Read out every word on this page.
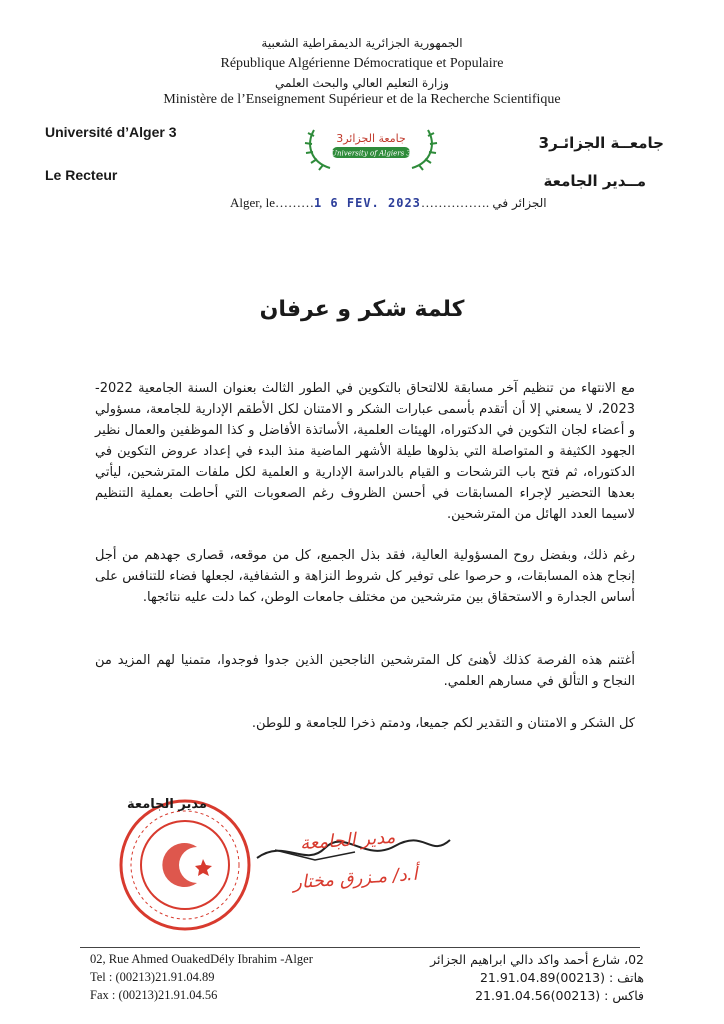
الجمهورية الجزائرية الديمقراطية الشعبية
République Algérienne Démocratique et Populaire
وزارة التعليم العالي والبحث العلمي
Ministère de l’Enseignement Supérieur et de la Recherche Scientifique
Université d’Alger 3
Le Recteur
جامعــة الجزائـر3
مــدير الجامعة
جامعة الجزائر3
University of Algiers 3
Alger, le………1 6 FEV. 2023……………. الجزائر في
كلمة شكر و عرفان
مع الانتهاء من تنظيم آخر مسابقة للالتحاق بالتكوين في الطور الثالث بعنوان السنة الجامعية 2022-2023، لا يسعني إلا أن أتقدم بأسمى عبارات الشكر و الامتنان لكل الأطقم الإدارية للجامعة، مسؤولي و أعضاء لجان التكوين في الدكتوراه، الهيئات العلمية، الأساتذة الأفاضل و كذا الموظفين والعمال نظير الجهود الكثيفة و المتواصلة التي بذلوها طيلة الأشهر الماضية منذ البدء في إعداد عروض التكوين في الدكتوراه، ثم فتح باب الترشحات و القيام بالدراسة الإدارية و العلمية لكل ملفات المترشحين، ليأتي بعدها التحضير لإجراء المسابقات في أحسن الظروف رغم الصعوبات التي أحاطت بعملية التنظيم لاسيما العدد الهائل من المترشحين.
رغم ذلك، وبفضل روح المسؤولية العالية، فقد بذل الجميع، كل من موقعه، قصارى جهدهم من أجل إنجاح هذه المسابقات، و حرصوا على توفير كل شروط النزاهة و الشفافية، لجعلها فضاء للتنافس على أساس الجدارة و الاستحقاق بين مترشحين من مختلف جامعات الوطن، كما دلت عليه نتائجها.
أغتنم هذه الفرصة كذلك لأهنئ كل المترشحين الناجحين الذين جدوا فوجدوا، متمنيا لهم المزيد من النجاح و التألق في مسارهم العلمي.
كل الشكر و الامتنان و التقدير لكم جميعا، ودمتم ذخرا للجامعة و للوطن.
مدير الجامعة
مدير الجامعة
أ.د/ مـزرق مختار
02, Rue Ahmed OuakedDély Ibrahim -Alger
Tel : (00213)21.91.04.89
Fax : (00213)21.91.04.56
02، شارع أحمد واكد دالي ابراهيم الجزائر
هاتف : (00213)21.91.04.89
فاكس : (00213)21.91.04.56
